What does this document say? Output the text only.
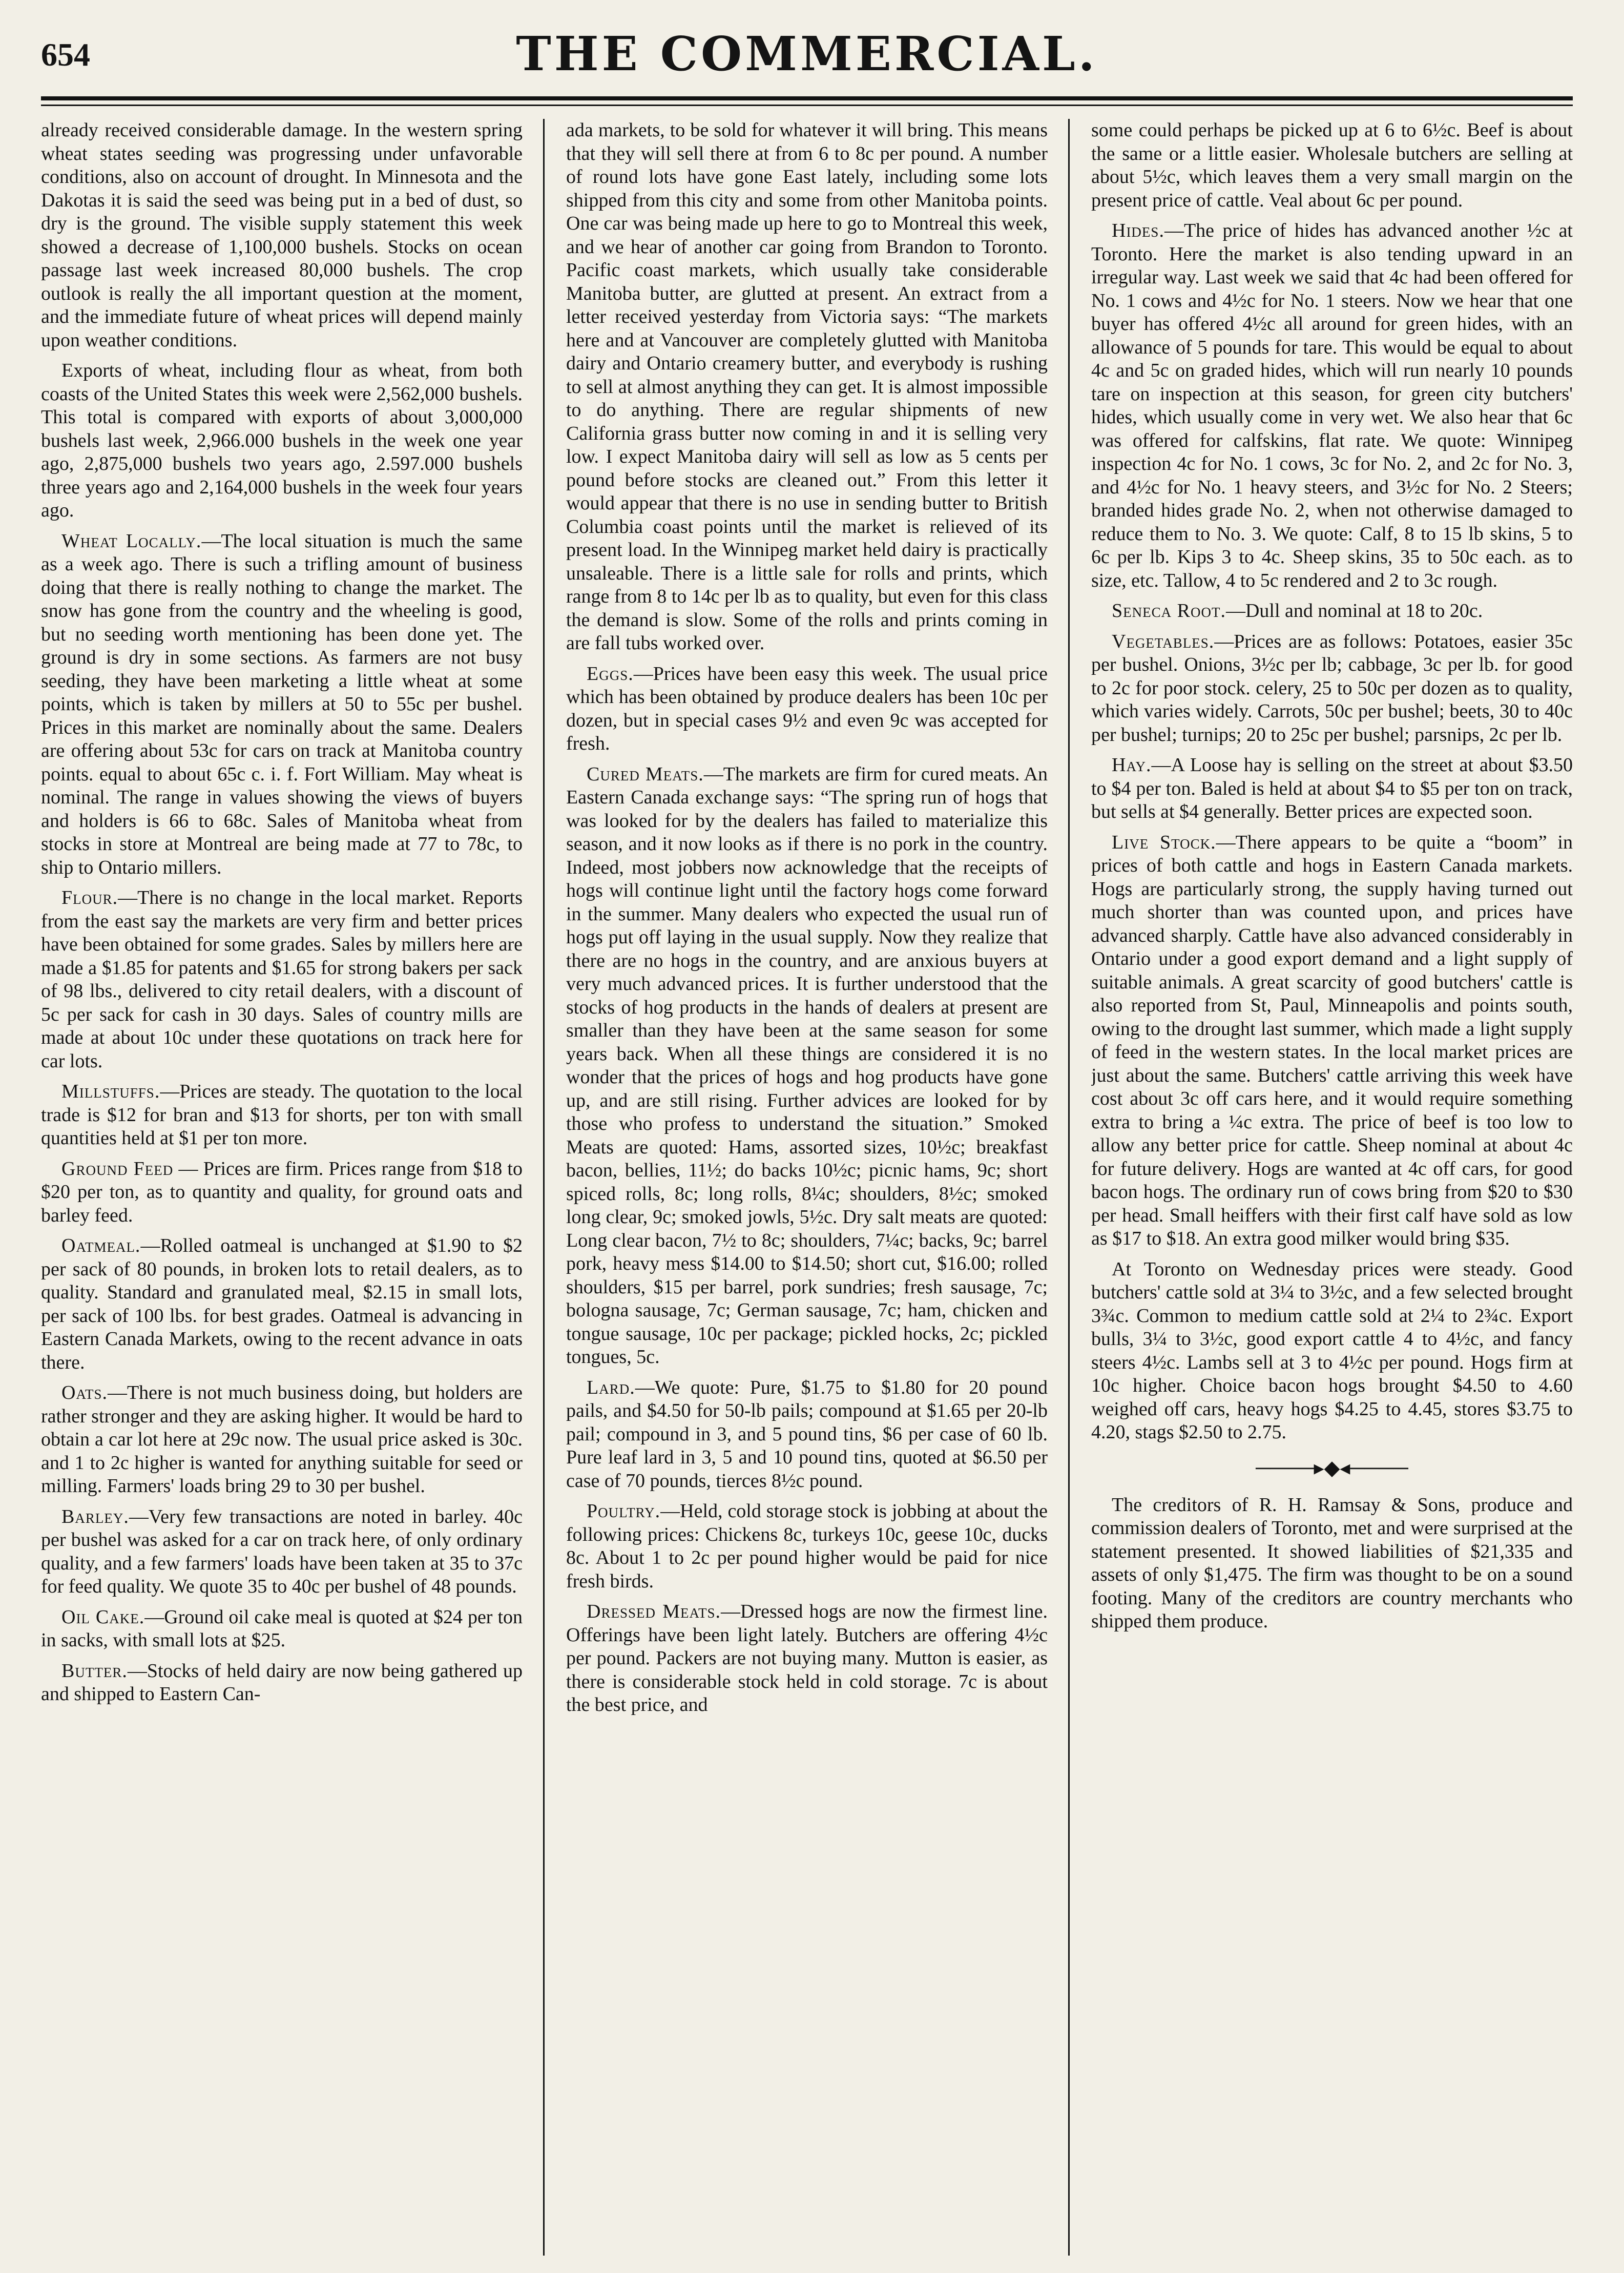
654	THE COMMERCIAL.

already received considerable damage. In the western spring wheat states seeding was progressing under unfavorable conditions, also on account of drought. In Minnesota and the Dakotas it is said the seed was being put in a bed of dust, so dry is the ground. The visible supply statement this week showed a decrease of 1,100,000 bushels. Stocks on ocean passage last week increased 80,000 bushels. The crop outlook is really the all important question at the moment, and the immediate future of wheat prices will depend mainly upon weather conditions.

Exports of wheat, including flour as wheat, from both coasts of the United States this week were 2,562,000 bushels. This total is compared with exports of about 3,000,000 bushels last week, 2,966.000 bushels in the week one year ago, 2,875,000 bushels two years ago, 2.597.000 bushels three years ago and 2,164,000 bushels in the week four years ago.

Wheat Locally.—The local situation is much the same as a week ago. There is such a trifling amount of business doing that there is really nothing to change the market. The snow has gone from the country and the wheeling is good, but no seeding worth mentioning has been done yet. The ground is dry in some sections. As farmers are not busy seeding, they have been marketing a little wheat at some points, which is taken by millers at 50 to 55c per bushel. Prices in this market are nominally about the same. Dealers are offering about 53c for cars on track at Manitoba country points. equal to about 65c c. i. f. Fort William. May wheat is nominal. The range in values showing the views of buyers and holders is 66 to 68c. Sales of Manitoba wheat from stocks in store at Montreal are being made at 77 to 78c, to ship to Ontario millers.

Flour.—There is no change in the local market. Reports from the east say the markets are very firm and better prices have been obtained for some grades. Sales by millers here are made a $1.85 for patents and $1.65 for strong bakers per sack of 98 lbs., delivered to city retail dealers, with a discount of 5c per sack for cash in 30 days. Sales of country mills are made at about 10c under these quotations on track here for car lots.

Millstuffs.—Prices are steady. The quotation to the local trade is $12 for bran and $13 for shorts, per ton with small quantities held at $1 per ton more.

Ground Feed — Prices are firm. Prices range from $18 to $20 per ton, as to quantity and quality, for ground oats and barley feed.

Oatmeal.—Rolled oatmeal is unchanged at $1.90 to $2 per sack of 80 pounds, in broken lots to retail dealers, as to quality. Standard and granulated meal, $2.15 in small lots, per sack of 100 lbs. for best grades. Oatmeal is advancing in Eastern Canada Markets, owing to the recent advance in oats there.

Oats.—There is not much business doing, but holders are rather stronger and they are asking higher. It would be hard to obtain a car lot here at 29c now. The usual price asked is 30c. and 1 to 2c higher is wanted for anything suitable for seed or milling. Farmers' loads bring 29 to 30 per bushel.

Barley.—Very few transactions are noted in barley. 40c per bushel was asked for a car on track here, of only ordinary quality, and a few farmers' loads have been taken at 35 to 37c for feed quality. We quote 35 to 40c per bushel of 48 pounds.

Oil Cake.—Ground oil cake meal is quoted at $24 per ton in sacks, with small lots at $25.

Butter.—Stocks of held dairy are now being gathered up and shipped to Eastern Can-

ada markets, to be sold for whatever it will bring. This means that they will sell there at from 6 to 8c per pound. A number of round lots have gone East lately, including some lots shipped from this city and some from other Manitoba points. One car was being made up here to go to Montreal this week, and we hear of another car going from Brandon to Toronto. Pacific coast markets, which usually take considerable Manitoba butter, are glutted at present. An extract from a letter received yesterday from Victoria says: “The markets here and at Vancouver are completely glutted with Manitoba dairy and Ontario creamery butter, and everybody is rushing to sell at almost anything they can get. It is almost impossible to do anything. There are regular shipments of new California grass butter now coming in and it is selling very low. I expect Manitoba dairy will sell as low as 5 cents per pound before stocks are cleaned out.” From this letter it would appear that there is no use in sending butter to British Columbia coast points until the market is relieved of its present load. In the Winnipeg market held dairy is practically unsaleable. There is a little sale for rolls and prints, which range from 8 to 14c per lb as to quality, but even for this class the demand is slow. Some of the rolls and prints coming in are fall tubs worked over.

Eggs.—Prices have been easy this week. The usual price which has been obtained by produce dealers has been 10c per dozen, but in special cases 9½ and even 9c was accepted for fresh.

Cured Meats.—The markets are firm for cured meats. An Eastern Canada exchange says: “The spring run of hogs that was looked for by the dealers has failed to materialize this season, and it now looks as if there is no pork in the country. Indeed, most jobbers now acknowledge that the receipts of hogs will continue light until the factory hogs come forward in the summer. Many dealers who expected the usual run of hogs put off laying in the usual supply. Now they realize that there are no hogs in the country, and are anxious buyers at very much advanced prices. It is further understood that the stocks of hog products in the hands of dealers at present are smaller than they have been at the same season for some years back. When all these things are considered it is no wonder that the prices of hogs and hog products have gone up, and are still rising. Further advices are looked for by those who profess to understand the situation.” Smoked Meats are quoted: Hams, assorted sizes, 10½c; breakfast bacon, bellies, 11½; do backs 10½c; picnic hams, 9c; short spiced rolls, 8c; long rolls, 8¼c; shoulders, 8½c; smoked long clear, 9c; smoked jowls, 5½c. Dry salt meats are quoted: Long clear bacon, 7½ to 8c; shoulders, 7¼c; backs, 9c; barrel pork, heavy mess $14.00 to $14.50; short cut, $16.00; rolled shoulders, $15 per barrel, pork sundries; fresh sausage, 7c; bologna sausage, 7c; German sausage, 7c; ham, chicken and tongue sausage, 10c per package; pickled hocks, 2c; pickled tongues, 5c.

Lard.—We quote: Pure, $1.75 to $1.80 for 20 pound pails, and $4.50 for 50-lb pails; compound at $1.65 per 20-lb pail; compound in 3, and 5 pound tins, $6 per case of 60 lb. Pure leaf lard in 3, 5 and 10 pound tins, quoted at $6.50 per case of 70 pounds, tierces 8½c pound.

Poultry.—Held, cold storage stock is jobbing at about the following prices: Chickens 8c, turkeys 10c, geese 10c, ducks 8c. About 1 to 2c per pound higher would be paid for nice fresh birds.

Dressed Meats.—Dressed hogs are now the firmest line. Offerings have been light lately. Butchers are offering 4½c per pound. Packers are not buying many. Mutton is easier, as there is considerable stock held in cold storage. 7c is about the best price, and

some could perhaps be picked up at 6 to 6½c. Beef is about the same or a little easier. Wholesale butchers are selling at about 5½c, which leaves them a very small margin on the present price of cattle. Veal about 6c per pound.

Hides.—The price of hides has advanced another ½c at Toronto. Here the market is also tending upward in an irregular way. Last week we said that 4c had been offered for No. 1 cows and 4½c for No. 1 steers. Now we hear that one buyer has offered 4½c all around for green hides, with an allowance of 5 pounds for tare. This would be equal to about 4c and 5c on graded hides, which will run nearly 10 pounds tare on inspection at this season, for green city butchers' hides, which usually come in very wet. We also hear that 6c was offered for calfskins, flat rate. We quote: Winnipeg inspection 4c for No. 1 cows, 3c for No. 2, and 2c for No. 3, and 4½c for No. 1 heavy steers, and 3½c for No. 2 Steers; branded hides grade No. 2, when not otherwise damaged to reduce them to No. 3. We quote: Calf, 8 to 15 lb skins, 5 to 6c per lb. Kips 3 to 4c. Sheep skins, 35 to 50c each. as to size, etc. Tallow, 4 to 5c rendered and 2 to 3c rough.

Seneca Root.—Dull and nominal at 18 to 20c.

Vegetables.—Prices are as follows: Potatoes, easier 35c per bushel. Onions, 3½c per lb; cabbage, 3c per lb. for good to 2c for poor stock. celery, 25 to 50c per dozen as to quality, which varies widely. Carrots, 50c per bushel; beets, 30 to 40c per bushel; turnips; 20 to 25c per bushel; parsnips, 2c per lb.

Hay.—A Loose hay is selling on the street at about $3.50 to $4 per ton. Baled is held at about $4 to $5 per ton on track, but sells at $4 generally. Better prices are expected soon.

Live Stock.—There appears to be quite a “boom” in prices of both cattle and hogs in Eastern Canada markets. Hogs are particularly strong, the supply having turned out much shorter than was counted upon, and prices have advanced sharply. Cattle have also advanced considerably in Ontario under a good export demand and a light supply of suitable animals. A great scarcity of good butchers' cattle is also reported from St, Paul, Minneapolis and points south, owing to the drought last summer, which made a light supply of feed in the western states. In the local market prices are just about the same. Butchers' cattle arriving this week have cost about 3c off cars here, and it would require something extra to bring a ¼c extra. The price of beef is too low to allow any better price for cattle. Sheep nominal at about 4c for future delivery. Hogs are wanted at 4c off cars, for good bacon hogs. The ordinary run of cows bring from $20 to $30 per head. Small heiffers with their first calf have sold as low as $17 to $18. An extra good milker would bring $35.

At Toronto on Wednesday prices were steady. Good butchers' cattle sold at 3¼ to 3½c, and a few selected brought 3¾c. Common to medium cattle sold at 2¼ to 2¾c. Export bulls, 3¼ to 3½c, good export cattle 4 to 4½c, and fancy steers 4½c. Lambs sell at 3 to 4½c per pound. Hogs firm at 10c higher. Choice bacon hogs brought $4.50 to 4.60 weighed off cars, heavy hogs $4.25 to 4.45, stores $3.75 to 4.20, stags $2.50 to 2.75.

────▸◆◂────

The creditors of R. H. Ramsay & Sons, produce and commission dealers of Toronto, met and were surprised at the statement presented. It showed liabilities of $21,335 and assets of only $1,475. The firm was thought to be on a sound footing. Many of the creditors are country merchants who shipped them produce.
